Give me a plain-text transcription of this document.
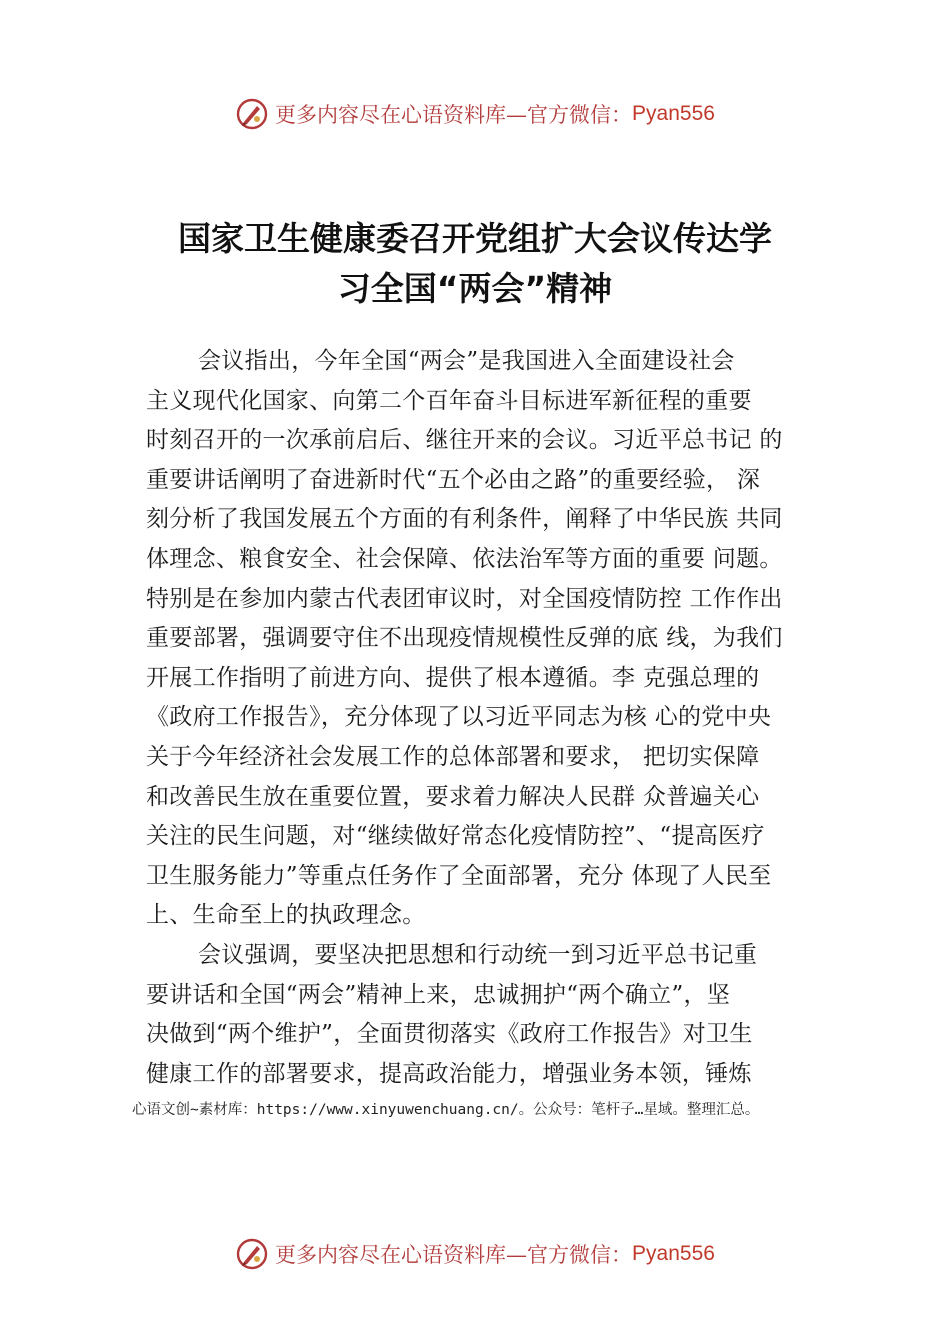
更多内容尽在心语资料库—官方微信： Pyan556
国家卫生健康委召开党组扩大会议传达学
习全国“两会”精神
会议指出，今年全国“两会”是我国进入全面建设社会
主义现代化国家、向第二个百年奋斗目标进军新征程的重要
时刻召开的一次承前启后、继往开来的会议。习近平总书记 的
重要讲话阐明了奋进新时代“五个必由之路”的重要经验， 深
刻分析了我国发展五个方面的有利条件，阐释了中华民族 共同
体理念、粮食安全、社会保障、依法治军等方面的重要 问题。
特别是在参加内蒙古代表团审议时，对全国疫情防控 工作作出
重要部署，强调要守住不出现疫情规模性反弹的底 线，为我们
开展工作指明了前进方向、提供了根本遵循。李 克强总理的
《政府工作报告》，充分体现了以习近平同志为核 心的党中央
关于今年经济社会发展工作的总体部署和要求， 把切实保障
和改善民生放在重要位置，要求着力解决人民群 众普遍关心
关注的民生问题，对“继续做好常态化疫情防控”、“提高医疗
卫生服务能力”等重点任务作了全面部署，充分 体现了人民至
上、生命至上的执政理念。
会议强调，要坚决把思想和行动统一到习近平总书记重
要讲话和全国“两会”精神上来，忠诚拥护“两个确立”，坚
决做到“两个维护”，全面贯彻落实《政府工作报告》对卫生
健康工作的部署要求，提高政治能力，增强业务本领，锤炼
心语文创~素材库：https://www.xinyuwenchuang.cn/。公众号：笔杆子…星域。整理汇总。
更多内容尽在心语资料库—官方微信： Pyan556
